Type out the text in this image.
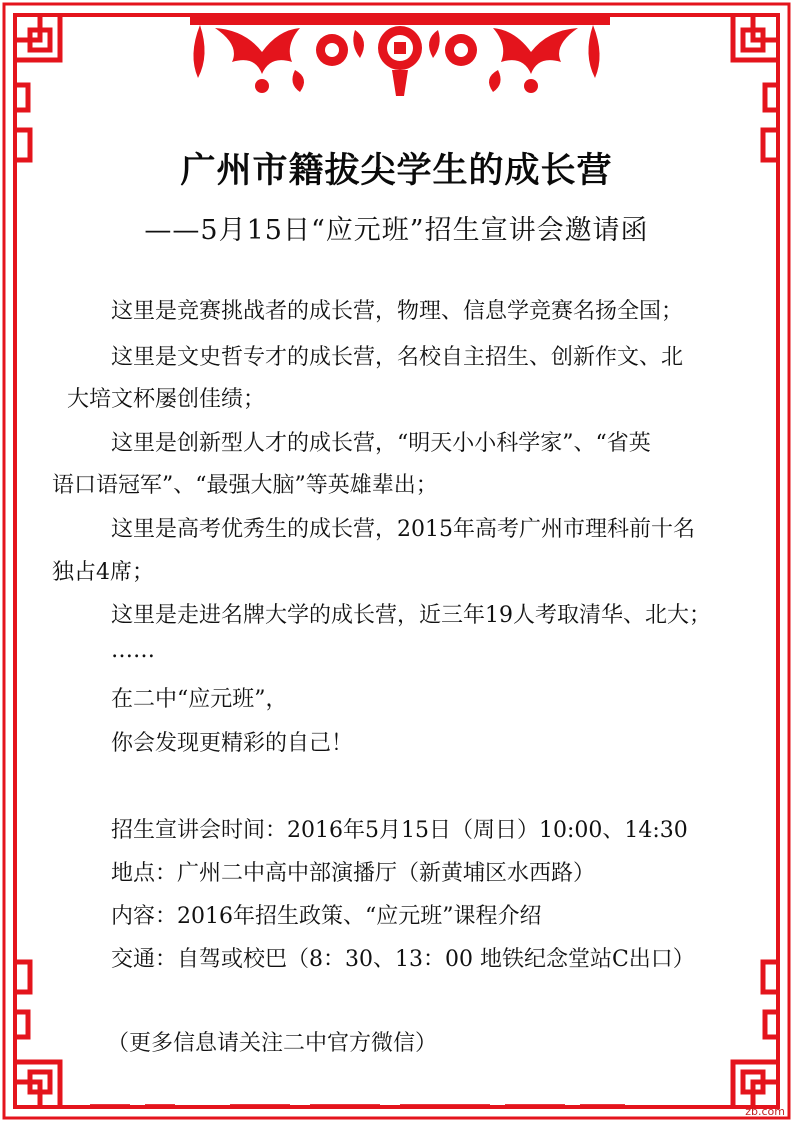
广州市籍拔尖学生的成长营
——5月15日“应元班”招生宣讲会邀请函
这里是竞赛挑战者的成长营，物理、信息学竞赛名扬全国；
这里是文史哲专才的成长营，名校自主招生、创新作文、北
大培文杯屡创佳绩；
这里是创新型人才的成长营，“明天小小科学家”、“省英
语口语冠军”、“最强大脑”等英雄辈出；
这里是高考优秀生的成长营，2015年高考广州市理科前十名
独占4席；
这里是走进名牌大学的成长营，近三年19人考取清华、北大；
……
在二中“应元班”，
你会发现更精彩的自己！
招生宣讲会时间：2016年5月15日（周日）10:00、14:30
地点：广州二中高中部演播厅（新黄埔区水西路）
内容：2016年招生政策、“应元班”课程介绍
交通：自驾或校巴（8：30、13：00 地铁纪念堂站C出口）
（更多信息请关注二中官方微信）
zb.com
